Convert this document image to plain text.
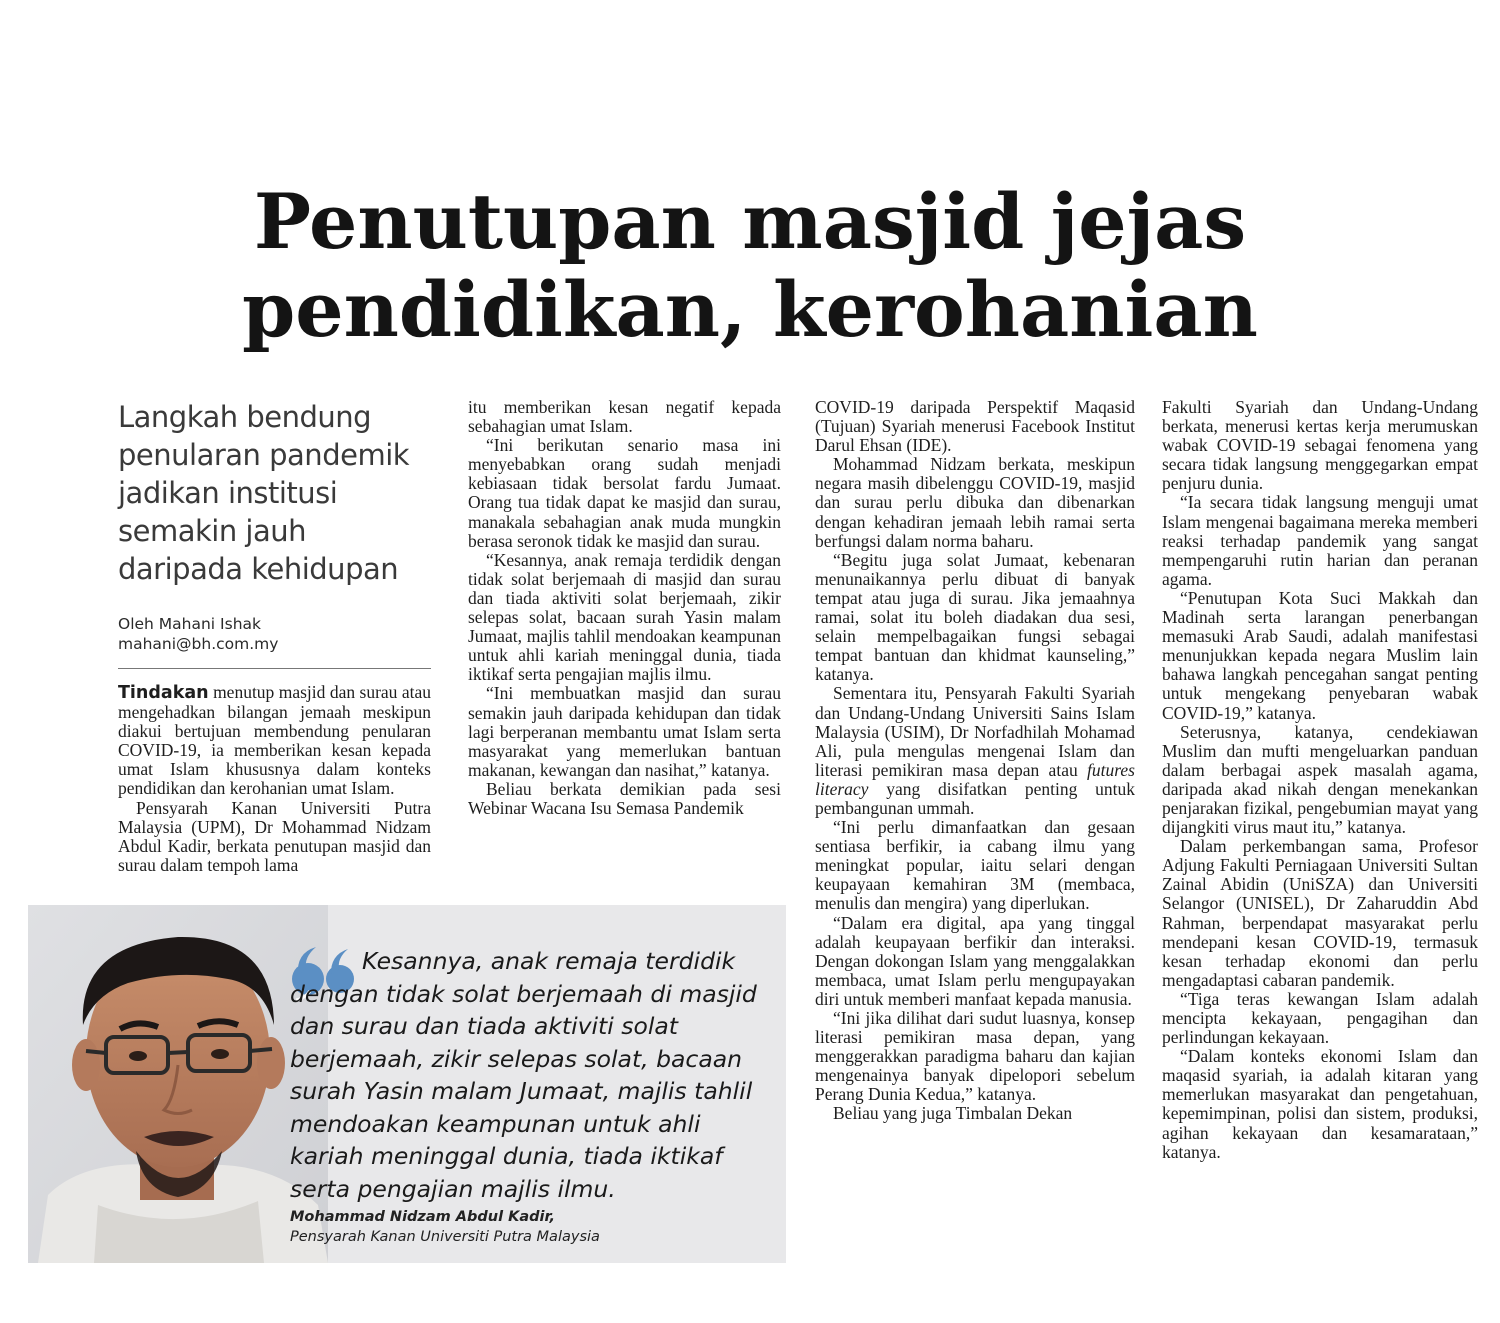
Penutupan masjid jejas
pendidikan, kerohanian
Langkah bendung penularan pandemik jadikan institusi semakin jauh daripada kehidupan
Oleh Mahani Ishak
mahani@bh.com.my

Tindakan menutup masjid dan surau atau mengehadkan bilangan jemaah meskipun diakui bertujuan membendung penularan COVID-19, ia memberikan kesan kepada umat Islam khususnya dalam konteks pendidikan dan kerohanian umat Islam.

Pensyarah Kanan Universiti Putra Malaysia (UPM), Dr Mohammad Nidzam Abdul Kadir, berkata penutupan masjid dan surau dalam tempoh lama

itu memberikan kesan negatif kepada sebahagian umat Islam.

“Ini berikutan senario masa ini menyebabkan orang sudah menjadi kebiasaan tidak bersolat fardu Jumaat. Orang tua tidak dapat ke masjid dan surau, manakala sebahagian anak muda mungkin berasa seronok tidak ke masjid dan surau.

“Kesannya, anak remaja terdidik dengan tidak solat berjemaah di masjid dan surau dan tiada aktiviti solat berjemaah, zikir selepas solat, bacaan surah Yasin malam Jumaat, majlis tahlil mendoakan keampunan untuk ahli kariah meninggal dunia, tiada iktikaf serta pengajian majlis ilmu.

“Ini membuatkan masjid dan surau semakin jauh daripada kehidupan dan tidak lagi berperanan membantu umat Islam serta masyarakat yang memerlukan bantuan makanan, kewangan dan nasihat,” katanya.

Beliau berkata demikian pada sesi Webinar Wacana Isu Semasa Pandemik

COVID-19 daripada Perspektif Maqasid (Tujuan) Syariah menerusi Facebook Institut Darul Ehsan (IDE).

Mohammad Nidzam berkata, meskipun negara masih dibelenggu COVID-19, masjid dan surau perlu dibuka dan dibenarkan dengan kehadiran jemaah lebih ramai serta berfungsi dalam norma baharu.

“Begitu juga solat Jumaat, kebenaran menunaikannya perlu dibuat di banyak tempat atau juga di surau. Jika jemaahnya ramai, solat itu boleh diadakan dua sesi, selain mempelbagaikan fungsi sebagai tempat bantuan dan khidmat kaunseling,” katanya.

Sementara itu, Pensyarah Fakulti Syariah dan Undang-Undang Universiti Sains Islam Malaysia (USIM), Dr Norfadhilah Mohamad Ali, pula mengulas mengenai Islam dan literasi pemikiran masa depan atau futures literacy yang disifatkan penting untuk pembangunan ummah.

“Ini perlu dimanfaatkan dan gesaan sentiasa berfikir, ia cabang ilmu yang meningkat popular, iaitu selari dengan keupayaan kemahiran 3M (membaca, menulis dan mengira) yang diperlukan.

“Dalam era digital, apa yang tinggal adalah keupayaan berfikir dan interaksi. Dengan dokongan Islam yang menggalakkan membaca, umat Islam perlu mengupayakan diri untuk memberi manfaat kepada manusia.

“Ini jika dilihat dari sudut luasnya, konsep literasi pemikiran masa depan, yang menggerakkan paradigma baharu dan kajian mengenainya banyak dipelopori sebelum Perang Dunia Kedua,” katanya.

Beliau yang juga Timbalan Dekan

Fakulti Syariah dan Undang-Undang berkata, menerusi kertas kerja merumuskan wabak COVID-19 sebagai fenomena yang secara tidak langsung menggegarkan empat penjuru dunia.

“Ia secara tidak langsung menguji umat Islam mengenai bagaimana mereka memberi reaksi terhadap pandemik yang sangat mempengaruhi rutin harian dan peranan agama.

“Penutupan Kota Suci Makkah dan Madinah serta larangan penerbangan memasuki Arab Saudi, adalah manifestasi menunjukkan kepada negara Muslim lain bahawa langkah pencegahan sangat penting untuk mengekang penyebaran wabak COVID-19,” katanya.

Seterusnya, katanya, cendekiawan Muslim dan mufti mengeluarkan panduan dalam berbagai aspek masalah agama, daripada akad nikah dengan menekankan penjarakan fizikal, pengebumian mayat yang dijangkiti virus maut itu,” katanya.

Dalam perkembangan sama, Profesor Adjung Fakulti Perniagaan Universiti Sultan Zainal Abidin (UniSZA) dan Universiti Selangor (UNISEL), Dr Zaharuddin Abd Rahman, berpendapat masyarakat perlu mendepani kesan COVID-19, termasuk kesan terhadap ekonomi dan perlu mengadaptasi cabaran pandemik.

“Tiga teras kewangan Islam adalah mencipta kekayaan, pengagihan dan perlindungan kekayaan.

“Dalam konteks ekonomi Islam dan maqasid syariah, ia adalah kitaran yang memerlukan masyarakat dan pengetahuan, kepemimpinan, polisi dan sistem, produksi, agihan kekayaan dan kesamarataan,” katanya.

Kesannya, anak remaja terdidik dengan tidak solat berjemaah di masjid dan surau dan tiada aktiviti solat berjemaah, zikir selepas solat, bacaan surah Yasin malam Jumaat, majlis tahlil mendoakan keampunan untuk ahli kariah meninggal dunia, tiada iktikaf serta pengajian majlis ilmu.
Mohammad Nidzam Abdul Kadir,
Pensyarah Kanan Universiti Putra Malaysia
